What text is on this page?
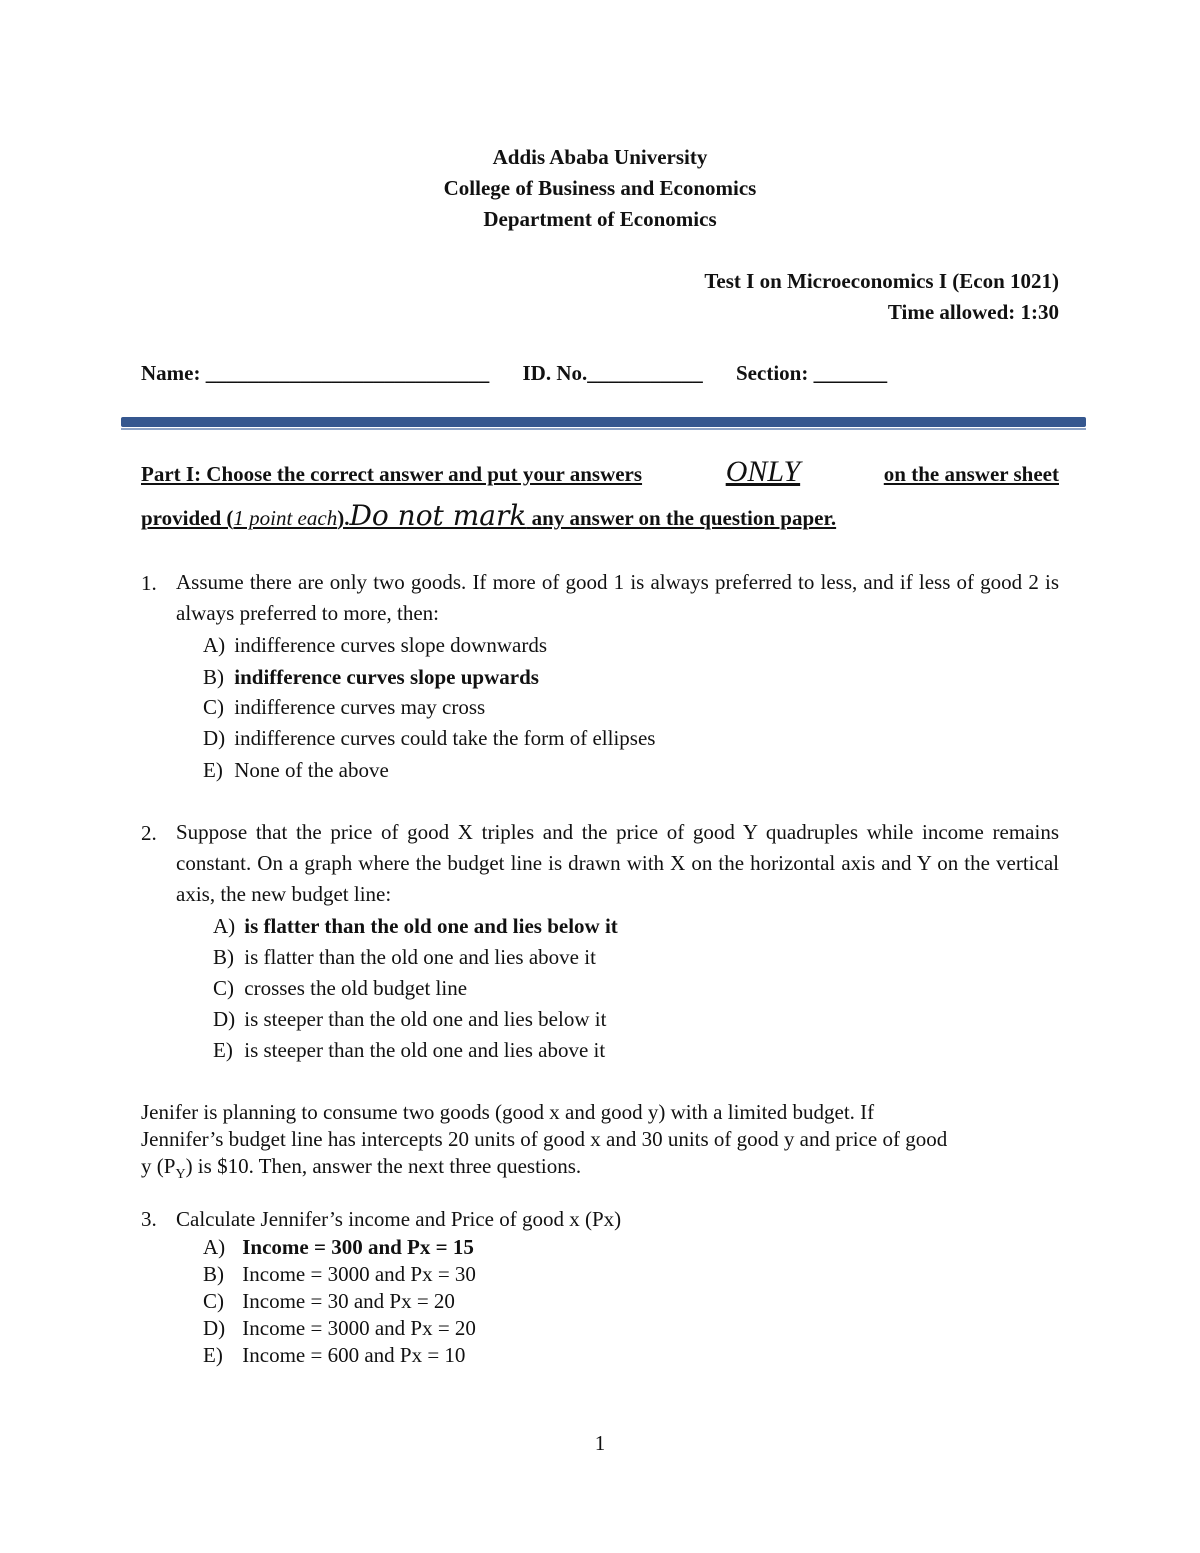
Addis Ababa University
College of Business and Economics
Department of Economics
Test I on Microeconomics I (Econ 1021)
Time allowed: 1:30
Name: ___________________________ ID. No.___________ Section: _______
Part I: Choose the correct answer and put your answers	ONLY	on the answer sheet
provided (1 point each).Do not mark any answer on the question paper.
1. Assume there are only two goods. If more of good 1 is always preferred to less, and if less of good 2 is always preferred to more, then:
A) indifference curves slope downwards
B) indifference curves slope upwards
C) indifference curves may cross
D) indifference curves could take the form of ellipses
E) None of the above
2. Suppose that the price of good X triples and the price of good Y quadruples while income remains constant. On a graph where the budget line is drawn with X on the horizontal axis and Y on the vertical axis, the new budget line:
A) is flatter than the old one and lies below it
B) is flatter than the old one and lies above it
C) crosses the old budget line
D) is steeper than the old one and lies below it
E) is steeper than the old one and lies above it
Jenifer is planning to consume two goods (good x and good y) with a limited budget. If
Jennifer’s budget line has intercepts 20 units of good x and 30 units of good y and price of good
y $(P_Y)$ is $10. Then, answer the next three questions.
3. Calculate Jennifer’s income and Price of good x (Px)
A) Income = 300 and Px = 15
B) Income = 3000 and Px = 30
C) Income = 30 and Px = 20
D) Income = 3000 and Px = 20
E) Income = 600 and Px = 10
1
